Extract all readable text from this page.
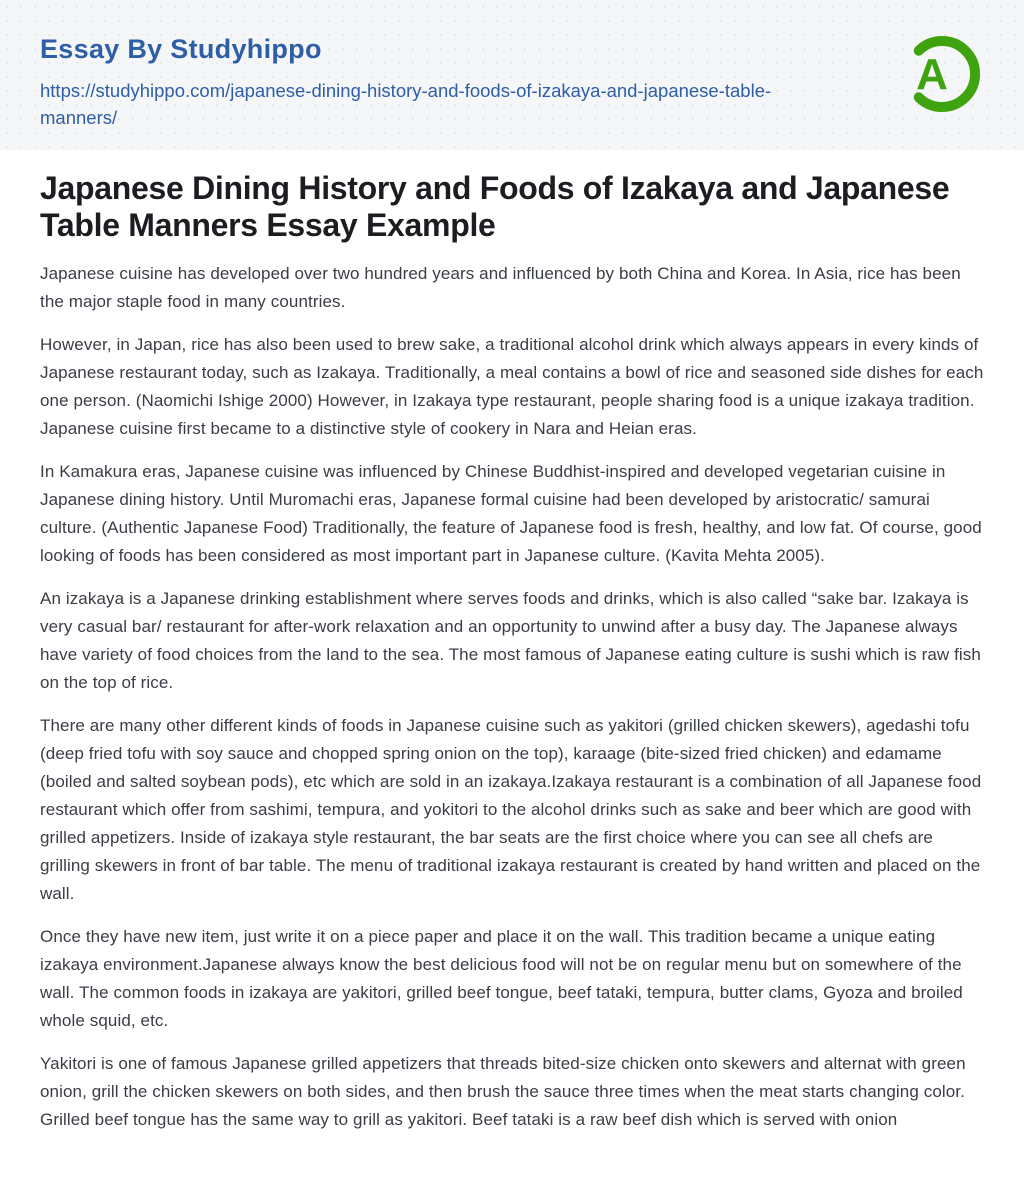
Essay By Studyhippo
https://studyhippo.com/japanese-dining-history-and-foods-of-izakaya-and-japanese-table-manners/
A
Japanese Dining History and Foods of Izakaya and Japanese Table Manners Essay Example

Japanese cuisine has developed over two hundred years and influenced by both China and Korea. In Asia, rice has been the major staple food in many countries.

However, in Japan, rice has also been used to brew sake, a traditional alcohol drink which always appears in every kinds of Japanese restaurant today, such as Izakaya. Traditionally, a meal contains a bowl of rice and seasoned side dishes for each one person. (Naomichi Ishige 2000) However, in Izakaya type restaurant, people sharing food is a unique izakaya tradition. Japanese cuisine first became to a distinctive style of cookery in Nara and Heian eras.

In Kamakura eras, Japanese cuisine was influenced by Chinese Buddhist-inspired and developed vegetarian cuisine in Japanese dining history. Until Muromachi eras, Japanese formal cuisine had been developed by aristocratic/ samurai culture. (Authentic Japanese Food) Traditionally, the feature of Japanese food is fresh, healthy, and low fat. Of course, good looking of foods has been considered as most important part in Japanese culture. (Kavita Mehta 2005).

An izakaya is a Japanese drinking establishment where serves foods and drinks, which is also called “sake bar. Izakaya is very casual bar/ restaurant for after-work relaxation and an opportunity to unwind after a busy day. The Japanese always have variety of food choices from the land to the sea. The most famous of Japanese eating culture is sushi which is raw fish on the top of rice.

There are many other different kinds of foods in Japanese cuisine such as yakitori (grilled chicken skewers), agedashi tofu (deep fried tofu with soy sauce and chopped spring onion on the top), karaage (bite-sized fried chicken) and edamame (boiled and salted soybean pods), etc which are sold in an izakaya.Izakaya restaurant is a combination of all Japanese food restaurant which offer from sashimi, tempura, and yokitori to the alcohol drinks such as sake and beer which are good with grilled appetizers. Inside of izakaya style restaurant, the bar seats are the first choice where you can see all chefs are grilling skewers in front of bar table. The menu of traditional izakaya restaurant is created by hand written and placed on the wall.

Once they have new item, just write it on a piece paper and place it on the wall. This tradition became a unique eating izakaya environment.Japanese always know the best delicious food will not be on regular menu but on somewhere of the wall. The common foods in izakaya are yakitori, grilled beef tongue, beef tataki, tempura, butter clams, Gyoza and broiled whole squid, etc.

Yakitori is one of famous Japanese grilled appetizers that threads bited-size chicken onto skewers and alternat with green onion, grill the chicken skewers on both sides, and then brush the sauce three times when the meat starts changing color. Grilled beef tongue has the same way to grill as yakitori. Beef tataki is a raw beef dish which is served with onion
